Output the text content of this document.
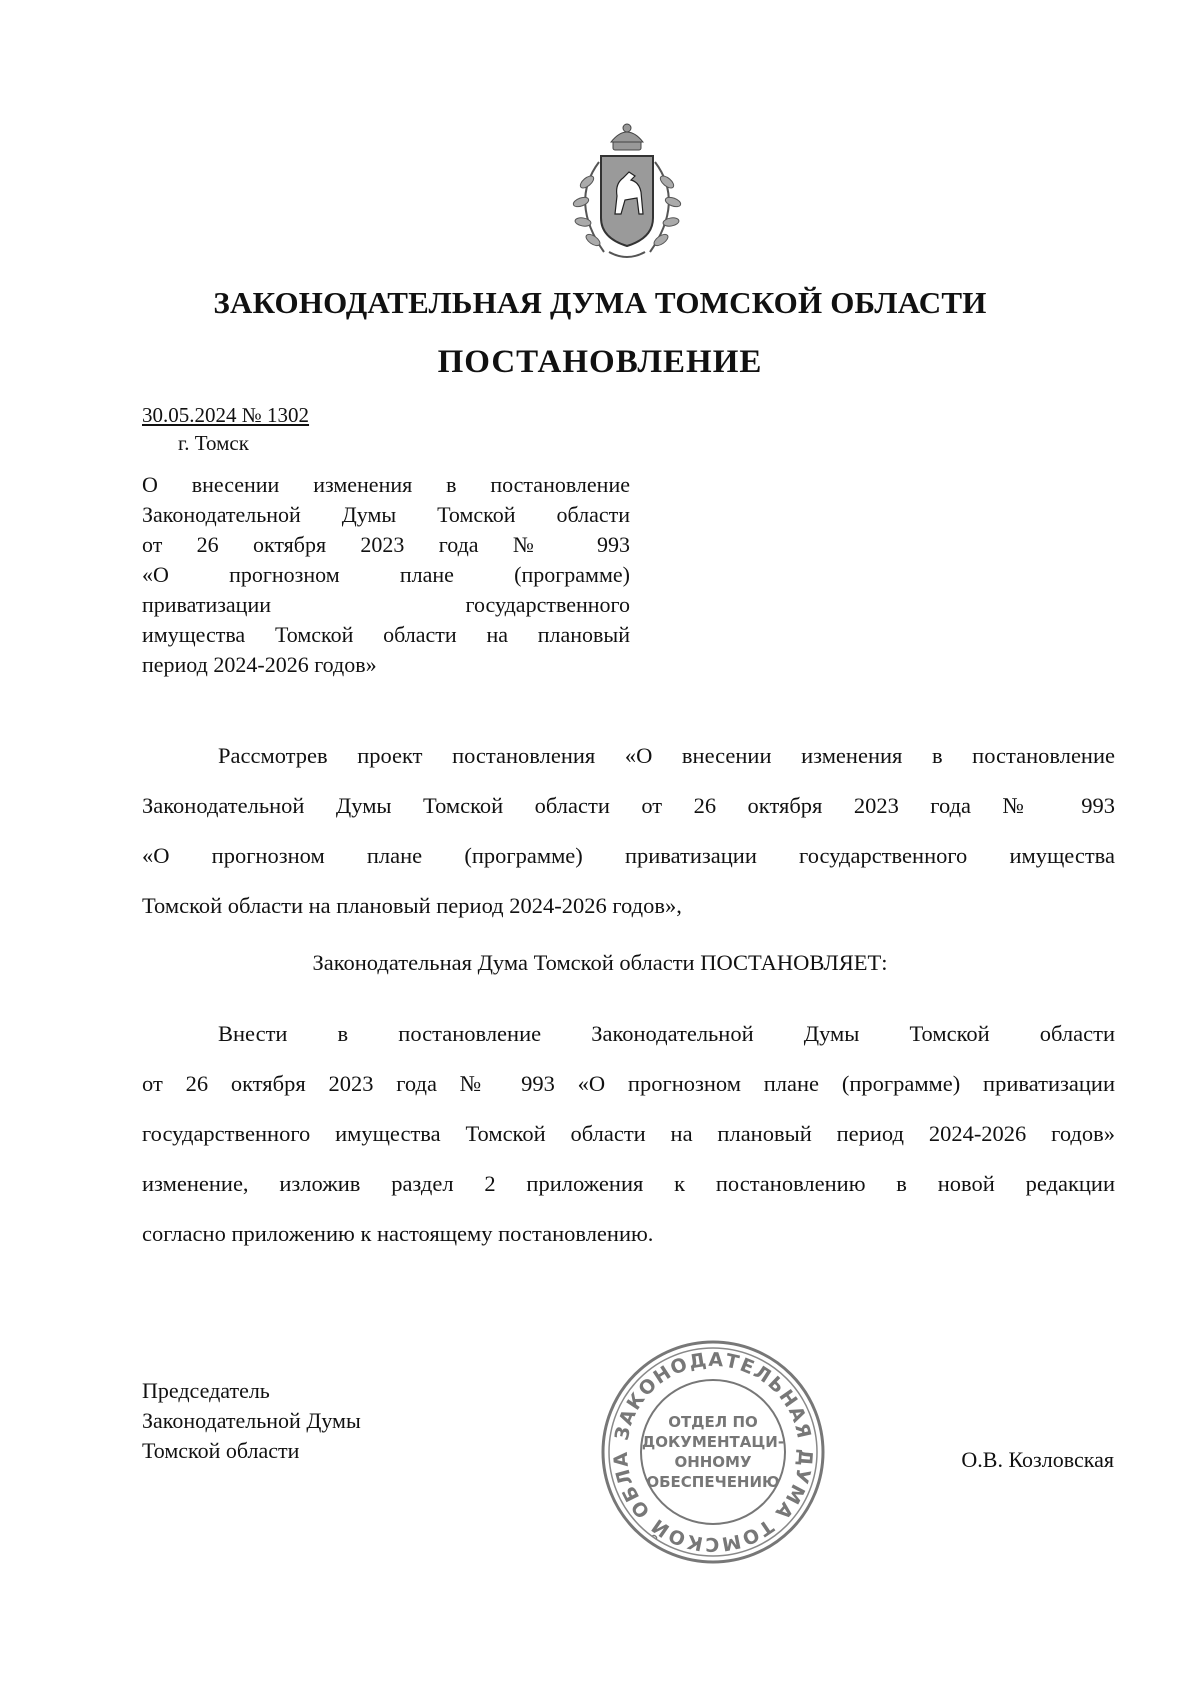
ЗАКОНОДАТЕЛЬНАЯ ДУМА ТОМСКОЙ ОБЛАСТИ
ПОСТАНОВЛЕНИЕ
30.05.2024 № 1302
г. Томск
О внесении изменения в постановление
Законодательной Думы Томской области
от 26 октября 2023 года № 993
«О прогнозном плане (программе)
приватизации государственного
имущества Томской области на плановый
период 2024-2026 годов»
Рассмотрев проект постановления «О внесении изменения в постановление
Законодательной Думы Томской области от 26 октября 2023 года № 993
«О прогнозном плане (программе) приватизации государственного имущества
Томской области на плановый период 2024-2026 годов»,
Законодательная Дума Томской области ПОСТАНОВЛЯЕТ:
Внести в постановление Законодательной Думы Томской области
от 26 октября 2023 года № 993 «О прогнозном плане (программе) приватизации
государственного имущества Томской области на плановый период 2024-2026 годов»
изменение, изложив раздел 2 приложения к постановлению в новой редакции
согласно приложению к настоящему постановлению.
Председатель
Законодательной Думы
Томской области
ЗАКОНОДАТЕЛЬНАЯ ДУМА ТОМСКОЙ ОБЛА
ОТДЕЛ ПО
ДОКУМЕНТАЦИ-
ОННОМУ
ОБЕСПЕЧЕНИЮ
О.В. Козловская
